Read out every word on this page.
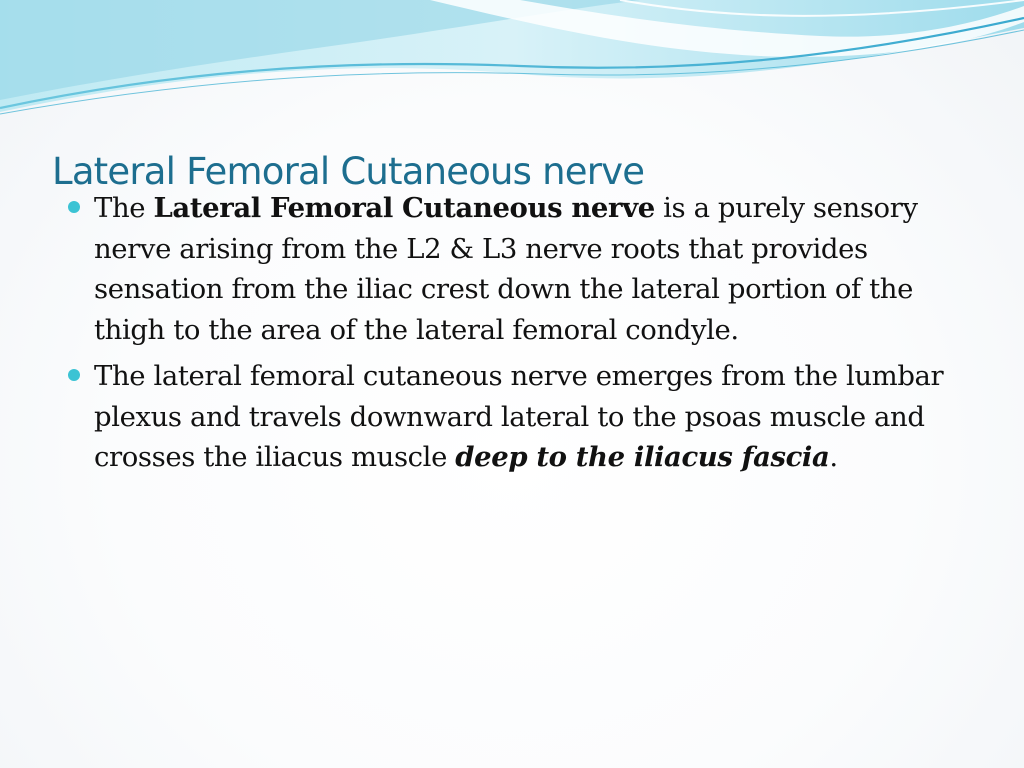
Lateral Femoral Cutaneous nerve
The Lateral Femoral Cutaneous nerve is a purely sensory nerve arising from the L2 & L3 nerve roots that provides sensation from the iliac crest down the lateral portion of the thigh to the area of the lateral femoral condyle.
The lateral femoral cutaneous nerve emerges from the lumbar plexus and travels downward lateral to the psoas muscle and crosses the iliacus muscle deep to the iliacus fascia.
